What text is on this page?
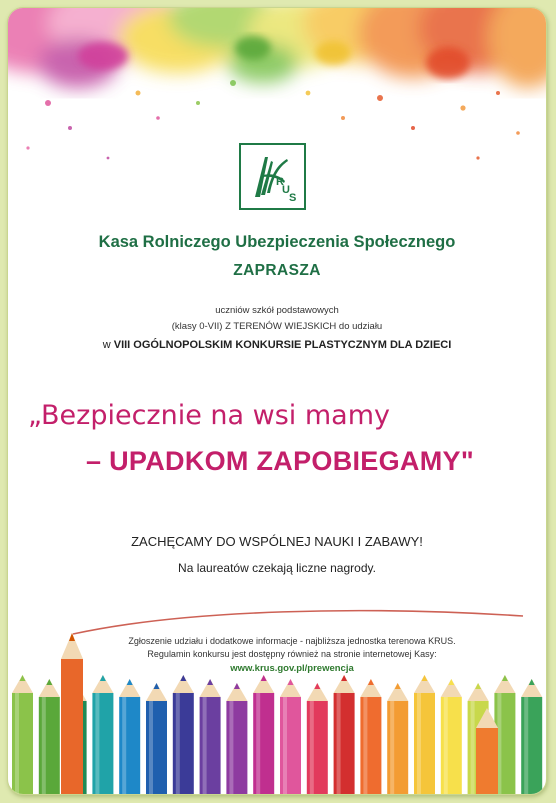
R
U
S
Kasa Rolniczego Ubezpieczenia Społecznego
ZAPRASZA
uczniów szkół podstawowych
(klasy 0-VII) Z TERENÓW WIEJSKICH do udziału
w VIII OGÓLNOPOLSKIM KONKURSIE PLASTYCZNYM DLA DZIECI
„Bezpiecznie na wsi mamy
– UPADKOM ZAPOBIEGAMY"
ZACHĘCAMY DO WSPÓLNEJ NAUKI I ZABAWY!
Na laureatów czekają liczne nagrody.
Zgłoszenie udziału i dodatkowe informacje - najbliższa jednostka terenowa KRUS.
Regulamin konkursu jest dostępny również na stronie internetowej Kasy:
www.krus.gov.pl/prewencja
